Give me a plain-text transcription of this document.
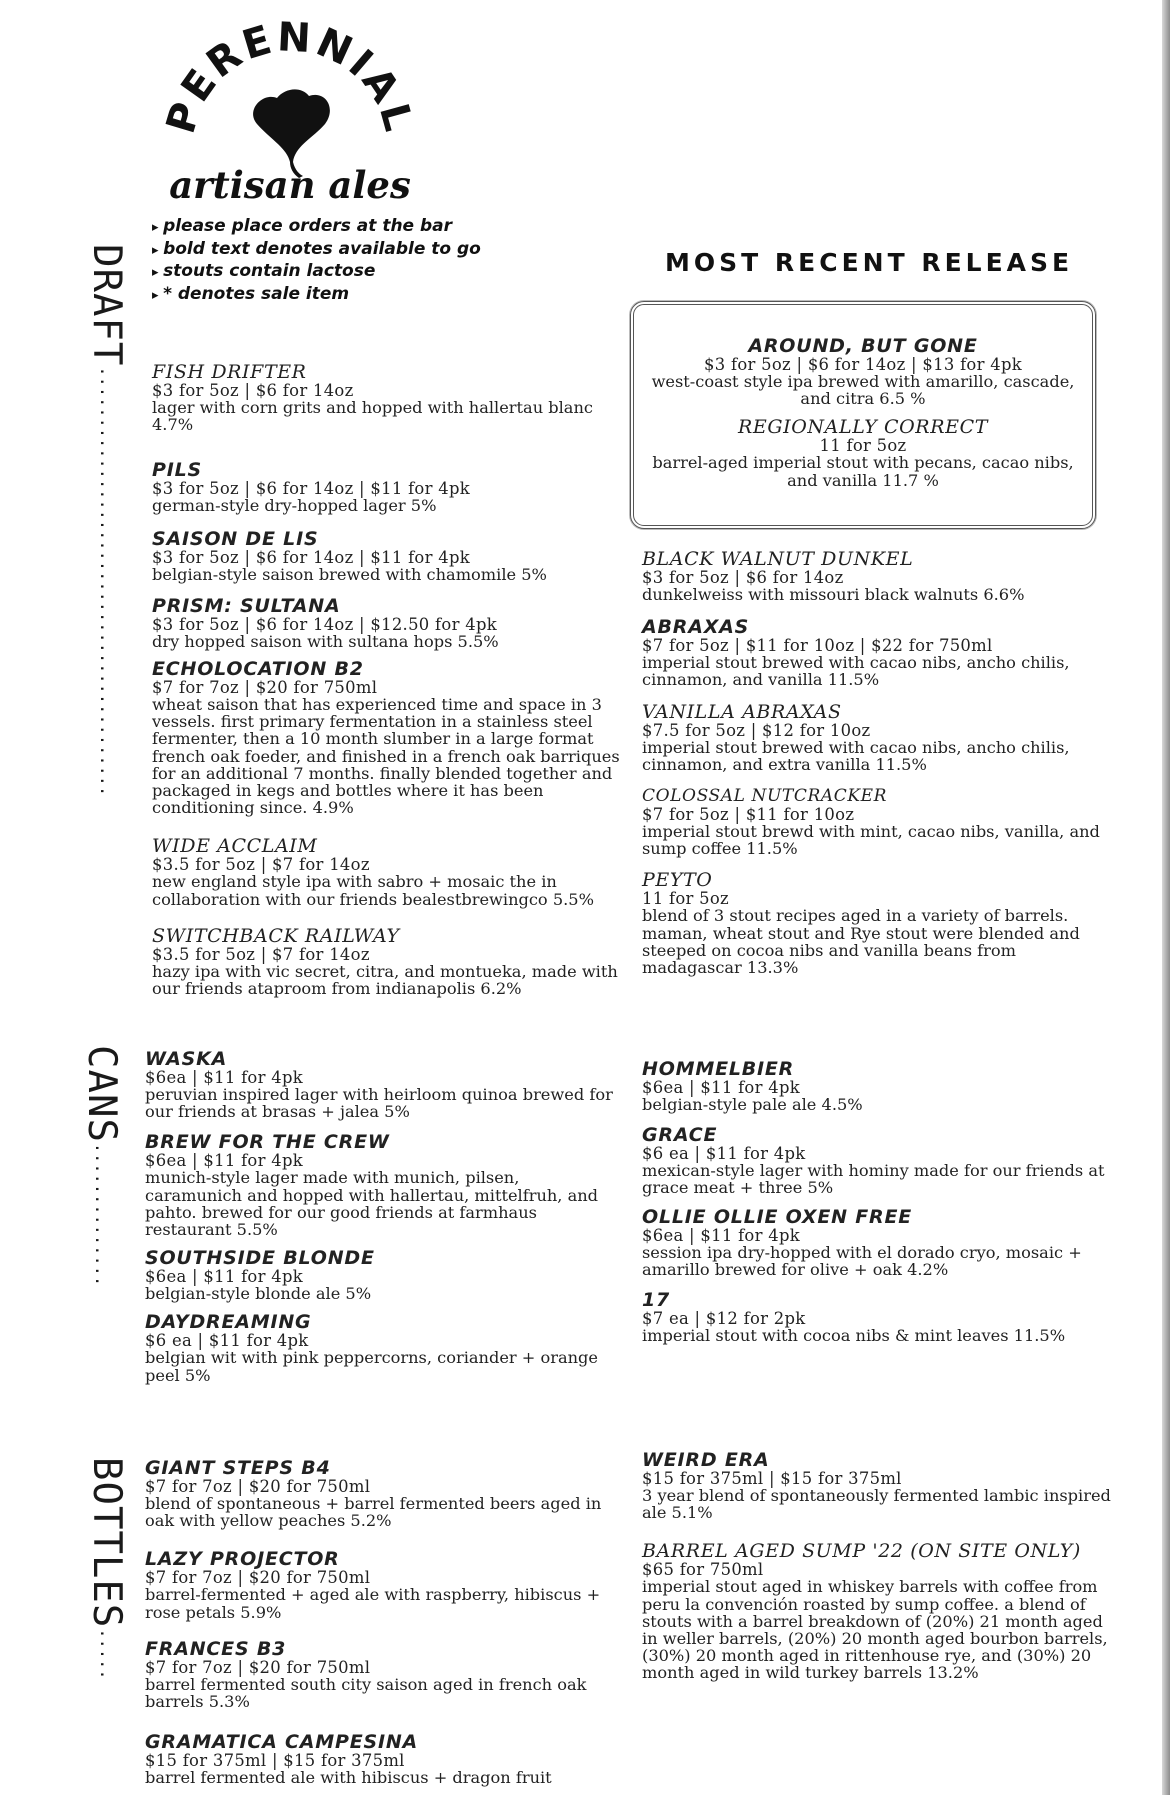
ERENNIA
artisan ales
▸ please place orders at the bar
▸ bold text denotes available to go
▸ stouts contain lactose
▸ * denotes sale item
DRAFT..........................................
CANS..............
BOTTLES.....
MOST RECENT RELEASE
AROUND, BUT GONE
$3 for 5oz | $6 for 14oz | $13 for 4pk
west-coast style ipa brewed with amarillo, cascade, and citra 6.5 %
REGIONALLY CORRECT
11 for 5oz
barrel-aged imperial stout with pecans, cacao nibs, and vanilla 11.7 %
FISH DRIFTER
$3 for 5oz | $6 for 14oz
lager with corn grits and hopped with hallertau blanc 4.7%
PILS
$3 for 5oz | $6 for 14oz | $11 for 4pk
german-style dry-hopped lager 5%
SAISON DE LIS
$3 for 5oz | $6 for 14oz | $11 for 4pk
belgian-style saison brewed with chamomile 5%
PRISM: SULTANA
$3 for 5oz | $6 for 14oz | $12.50 for 4pk
dry hopped saison with sultana hops 5.5%
ECHOLOCATION B2
$7 for 7oz | $20 for 750ml
wheat saison that has experienced time and space in 3 vessels. first primary fermentation in a stainless steel fermenter, then a 10 month slumber in a large format french oak foeder, and finished in a french oak barriques for an additional 7 months. finally blended together and packaged in kegs and bottles where it has been conditioning since. 4.9%
WIDE ACCLAIM
$3.5 for 5oz | $7 for 14oz
new england style ipa with sabro + mosaic the in collaboration with our friends bealestbrewingco 5.5%
SWITCHBACK RAILWAY
$3.5 for 5oz | $7 for 14oz
hazy ipa with vic secret, citra, and montueka, made with our friends ataproom from indianapolis 6.2%
BLACK WALNUT DUNKEL
$3 for 5oz | $6 for 14oz
dunkelweiss with missouri black walnuts 6.6%
ABRAXAS
$7 for 5oz | $11 for 10oz | $22 for 750ml
imperial stout brewed with cacao nibs, ancho chilis, cinnamon, and vanilla 11.5%
VANILLA ABRAXAS
$7.5 for 5oz | $12 for 10oz
imperial stout brewed with cacao nibs, ancho chilis, cinnamon, and extra vanilla 11.5%
COLOSSAL NUTCRACKER
$7 for 5oz | $11 for 10oz
imperial stout brewd with mint, cacao nibs, vanilla, and sump coffee 11.5%
PEYTO
11 for 5oz
blend of 3 stout recipes aged in a variety of barrels. maman, wheat stout and Rye stout were blended and steeped on cocoa nibs and vanilla beans from madagascar 13.3%
WASKA
$6ea | $11 for 4pk
peruvian inspired lager with heirloom quinoa brewed for our friends at brasas + jalea 5%
BREW FOR THE CREW
$6ea | $11 for 4pk
munich-style lager made with munich, pilsen, caramunich and hopped with hallertau, mittelfruh, and pahto. brewed for our good friends at farmhaus restaurant 5.5%
SOUTHSIDE BLONDE
$6ea | $11 for 4pk
belgian-style blonde ale 5%
DAYDREAMING
$6 ea | $11 for 4pk
belgian wit with pink peppercorns, coriander + orange peel 5%
HOMMELBIER
$6ea | $11 for 4pk
belgian-style pale ale 4.5%
GRACE
$6 ea | $11 for 4pk
mexican-style lager with hominy made for our friends at grace meat + three 5%
OLLIE OLLIE OXEN FREE
$6ea | $11 for 4pk
session ipa dry-hopped with el dorado cryo, mosaic + amarillo brewed for olive + oak 4.2%
17
$7 ea | $12 for 2pk
imperial stout with cocoa nibs & mint leaves 11.5%
GIANT STEPS B4
$7 for 7oz | $20 for 750ml
blend of spontaneous + barrel fermented beers aged in oak with yellow peaches 5.2%
LAZY PROJECTOR
$7 for 7oz | $20 for 750ml
barrel-fermented + aged ale with raspberry, hibiscus + rose petals 5.9%
FRANCES B3
$7 for 7oz | $20 for 750ml
barrel fermented south city saison aged in french oak barrels 5.3%
GRAMATICA CAMPESINA
$15 for 375ml | $15 for 375ml
barrel fermented ale with hibiscus + dragon fruit
WEIRD ERA
$15 for 375ml | $15 for 375ml
3 year blend of spontaneously fermented lambic inspired ale 5.1%
BARREL AGED SUMP '22 (ON SITE ONLY)
$65 for 750ml
imperial stout aged in whiskey barrels with coffee from peru la convención roasted by sump coffee. a blend of stouts with a barrel breakdown of (20%) 21 month aged in weller barrels, (20%) 20 month aged bourbon barrels,(30%) 20 month aged in rittenhouse rye, and (30%) 20 month aged in wild turkey barrels 13.2%
